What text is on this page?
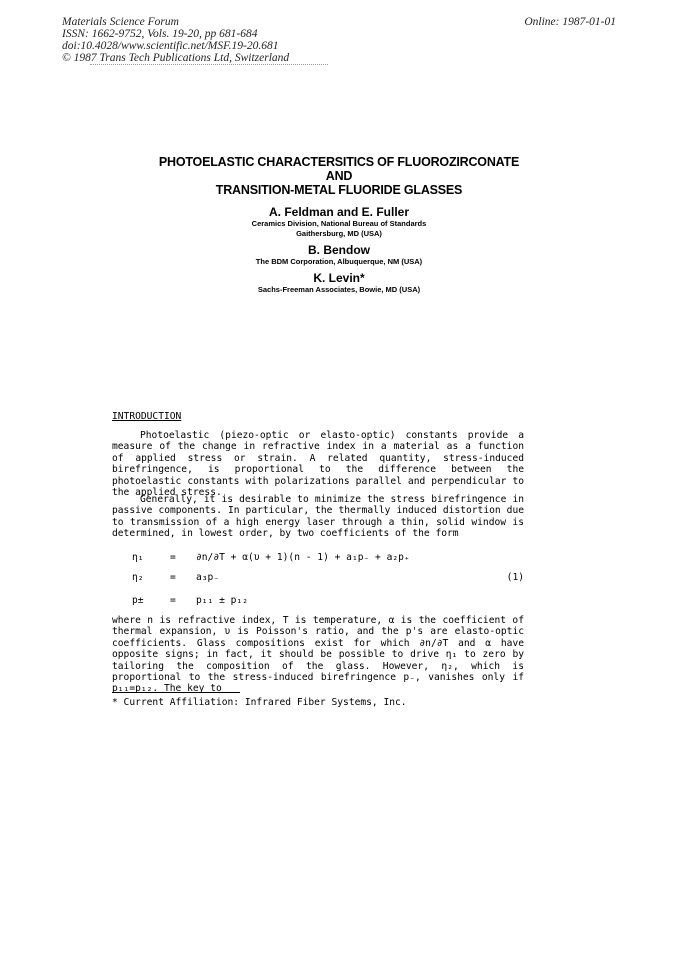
Materials Science Forum
ISSN: 1662-9752, Vols. 19-20, pp 681-684
doi:10.4028/www.scientific.net/MSF.19-20.681
© 1987 Trans Tech Publications Ltd, Switzerland
Online: 1987-01-01
PHOTOELASTIC CHARACTERSITICS OF FLUOROZIRCONATE
AND
TRANSITION-METAL FLUORIDE GLASSES
A. Feldman and E. Fuller
Ceramics Division, National Bureau of Standards
Gaithersburg, MD (USA)
B. Bendow
The BDM Corporation, Albuquerque, NM (USA)
K. Levin*
Sachs-Freeman Associates, Bowie, MD (USA)
INTRODUCTION

Photoelastic (piezo-optic or elasto-optic) constants provide a measure of the change in refractive index in a material as a function of applied stress or strain. A related quantity, stress-induced birefringence, is proportional to the difference between the photoelastic constants with polarizations parallel and perpendicular to the applied stress.

Generally, it is desirable to minimize the stress birefringence in passive components. In particular, the thermally induced distortion due to transmission of a high energy laser through a thin, solid window is determined, in lowest order, by two coefficients of the form

η₁	= ∂n/∂T + α(υ + 1)(n - 1) + a₁p₋ + a₂p₊
η₂	= a₃p₋	(1)
p±	= p₁₁ ± p₁₂

where n is refractive index, T is temperature, α is the coefficient of thermal expansion, υ is Poisson's ratio, and the p's are elasto-optic coefficients. Glass compositions exist for which ∂n/∂T and α have opposite signs; in fact, it should be possible to drive η₁ to zero by tailoring the composition of the glass. However, η₂, which is proportional to the stress-induced birefringence p₋, vanishes only if p₁₁=p₁₂. The key to

* Current Affiliation: Infrared Fiber Systems, Inc.
